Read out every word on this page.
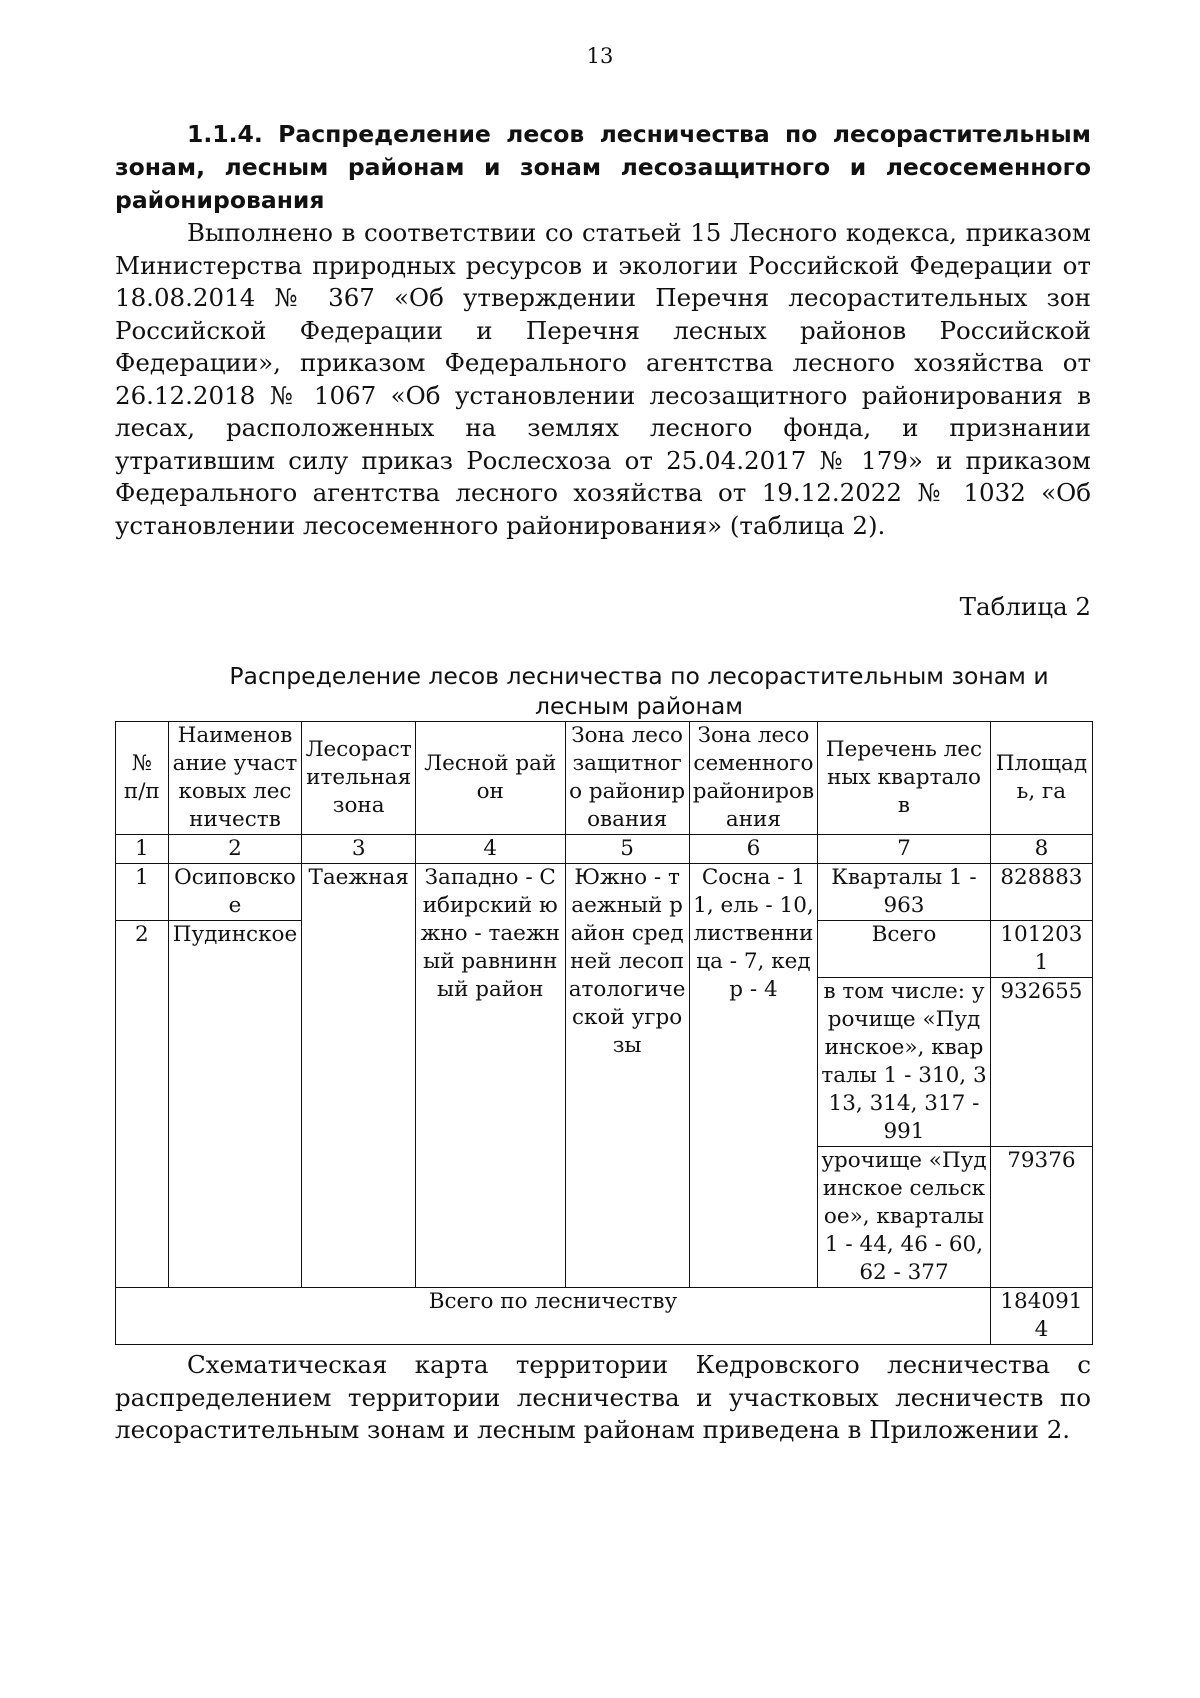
13

1.1.4. Распределение лесов лесничества по лесорастительным зонам, лесным районам и зонам лесозащитного и лесосеменного районирования

Выполнено в соответствии со статьей 15 Лесного кодекса, приказом Министерства природных ресурсов и экологии Российской Федерации от 18.08.2014 № 367 «Об утверждении Перечня лесорастительных зон Российской Федерации и Перечня лесных районов Российской Федерации», приказом Федерального агентства лесного хозяйства от 26.12.2018 № 1067 «Об установлении лесозащитного районирования в лесах, расположенных на землях лесного фонда, и признании утратившим силу приказ Рослесхоза от 25.04.2017 № 179» и приказом Федерального агентства лесного хозяйства от 19.12.2022 № 1032 «Об установлении лесосеменного районирования» (таблица 2).

Таблица 2

Распределение лесов лесничества по лесорастительным зонам и лесным районам

№ п/п	Наименование участковых лесничеств	Лесорастительная зона	Лесной район	Зона лесозащитного районирования	Зона лесосеменного районирования	Перечень лесных кварталов	Площадь, га
1	2	3	4	5	6	7	8
1	Осиповское	Таежная	Западно - Сибирский южно - таежный равнинный район	Южно - таежный район средней лесопатологической угрозы	Сосна - 11, ель - 10, лиственница - 7, кедр - 4	Кварталы 1 - 963	828883
2	Пудинское					Всего	1012031
						в том числе: урочище «Пудинское», кварталы 1 - 310, 313, 314, 317 - 991	932655
						урочище «Пудинское сельское», кварталы 1 - 44, 46 - 60, 62 - 377	79376
Всего по лесничеству							1840914

Схематическая карта территории Кедровского лесничества с распределением территории лесничества и участковых лесничеств по лесорастительным зонам и лесным районам приведена в Приложении 2.
